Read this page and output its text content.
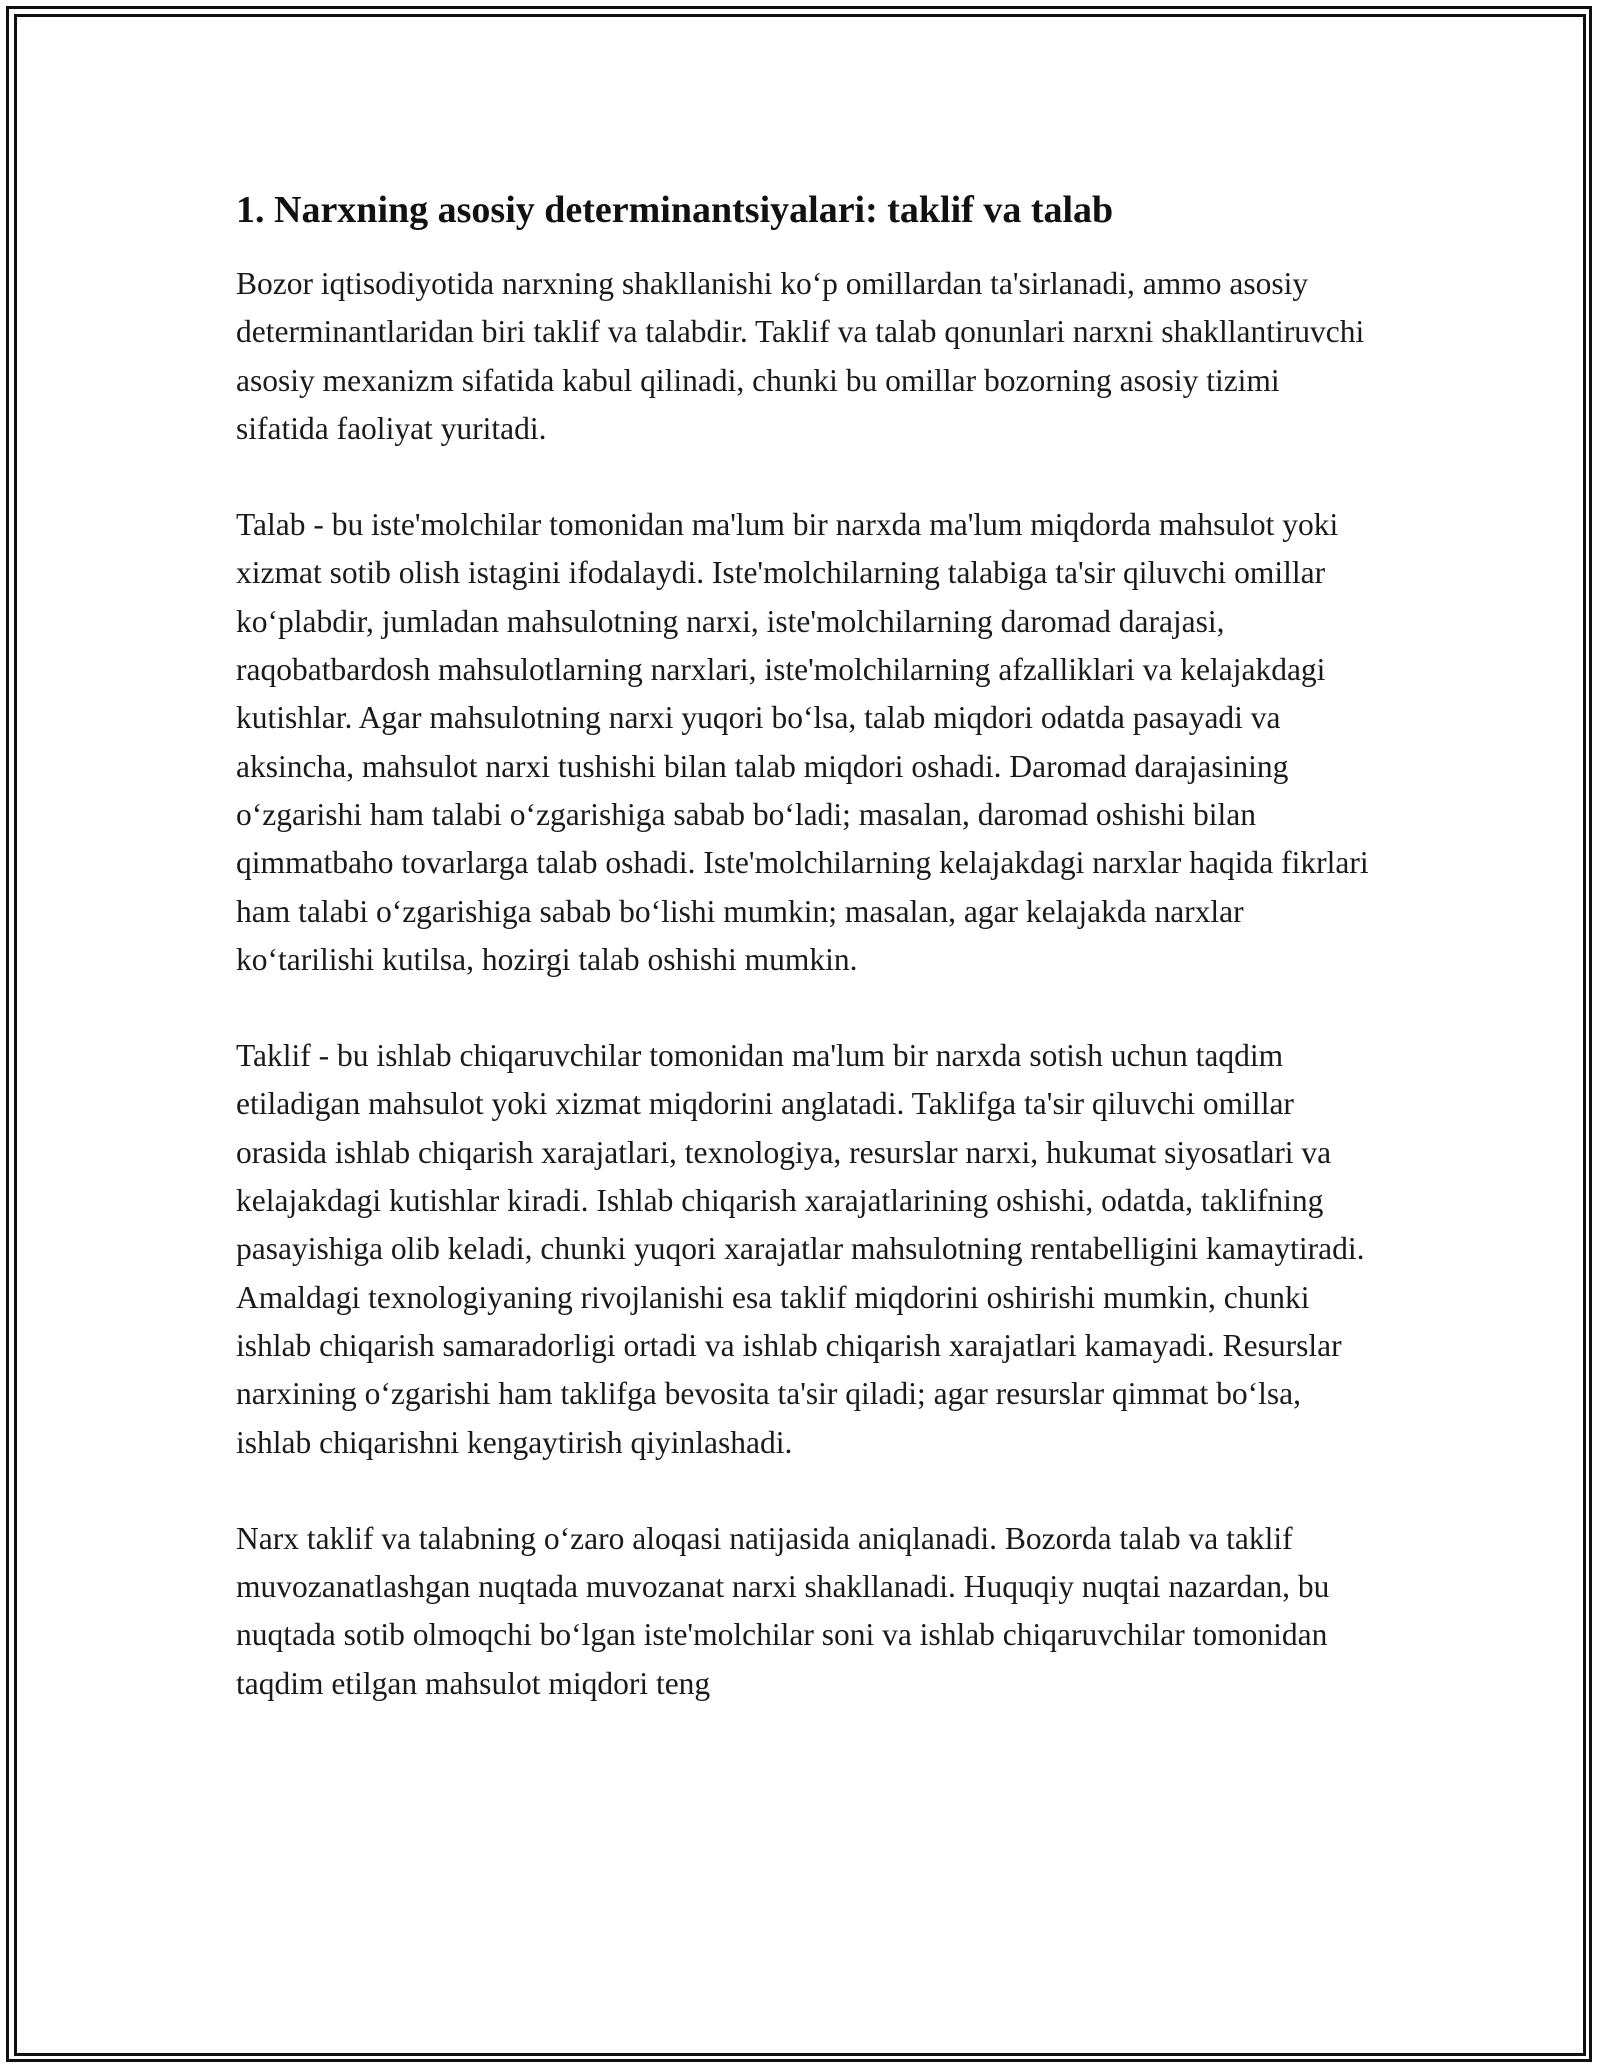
1. Narxning asosiy determinantsiyalari: taklif va talab

Bozor iqtisodiyotida narxning shakllanishi koʻp omillardan ta'sirlanadi, ammo asosiy determinantlaridan biri taklif va talabdir. Taklif va talab qonunlari narxni shakllantiruvchi asosiy mexanizm sifatida kabul qilinadi, chunki bu omillar bozorning asosiy tizimi sifatida faoliyat yuritadi.

Talab - bu iste'molchilar tomonidan ma'lum bir narxda ma'lum miqdorda mahsulot yoki xizmat sotib olish istagini ifodalaydi. Iste'molchilarning talabiga ta'sir qiluvchi omillar koʻplabdir, jumladan mahsulotning narxi, iste'molchilarning daromad darajasi, raqobatbardosh mahsulotlarning narxlari, iste'molchilarning afzalliklari va kelajakdagi kutishlar. Agar mahsulotning narxi yuqori boʻlsa, talab miqdori odatda pasayadi va aksincha, mahsulot narxi tushishi bilan talab miqdori oshadi. Daromad darajasining oʻzgarishi ham talabi oʻzgarishiga sabab boʻladi; masalan, daromad oshishi bilan qimmatbaho tovarlarga talab oshadi. Iste'molchilarning kelajakdagi narxlar haqida fikrlari ham talabi oʻzgarishiga sabab boʻlishi mumkin; masalan, agar kelajakda narxlar koʻtarilishi kutilsa, hozirgi talab oshishi mumkin.

Taklif - bu ishlab chiqaruvchilar tomonidan ma'lum bir narxda sotish uchun taqdim etiladigan mahsulot yoki xizmat miqdorini anglatadi. Taklifga ta'sir qiluvchi omillar orasida ishlab chiqarish xarajatlari, texnologiya, resurslar narxi, hukumat siyosatlari va kelajakdagi kutishlar kiradi. Ishlab chiqarish xarajatlarining oshishi, odatda, taklifning pasayishiga olib keladi, chunki yuqori xarajatlar mahsulotning rentabelligini kamaytiradi. Amaldagi texnologiyaning rivojlanishi esa taklif miqdorini oshirishi mumkin, chunki ishlab chiqarish samaradorligi ortadi va ishlab chiqarish xarajatlari kamayadi. Resurslar narxining oʻzgarishi ham taklifga bevosita ta'sir qiladi; agar resurslar qimmat boʻlsa, ishlab chiqarishni kengaytirish qiyinlashadi.

Narx taklif va talabning oʻzaro aloqasi natijasida aniqlanadi. Bozorda talab va taklif muvozanatlashgan nuqtada muvozanat narxi shakllanadi. Huquqiy nuqtai nazardan, bu nuqtada sotib olmoqchi boʻlgan iste'molchilar soni va ishlab chiqaruvchilar tomonidan taqdim etilgan mahsulot miqdori teng
